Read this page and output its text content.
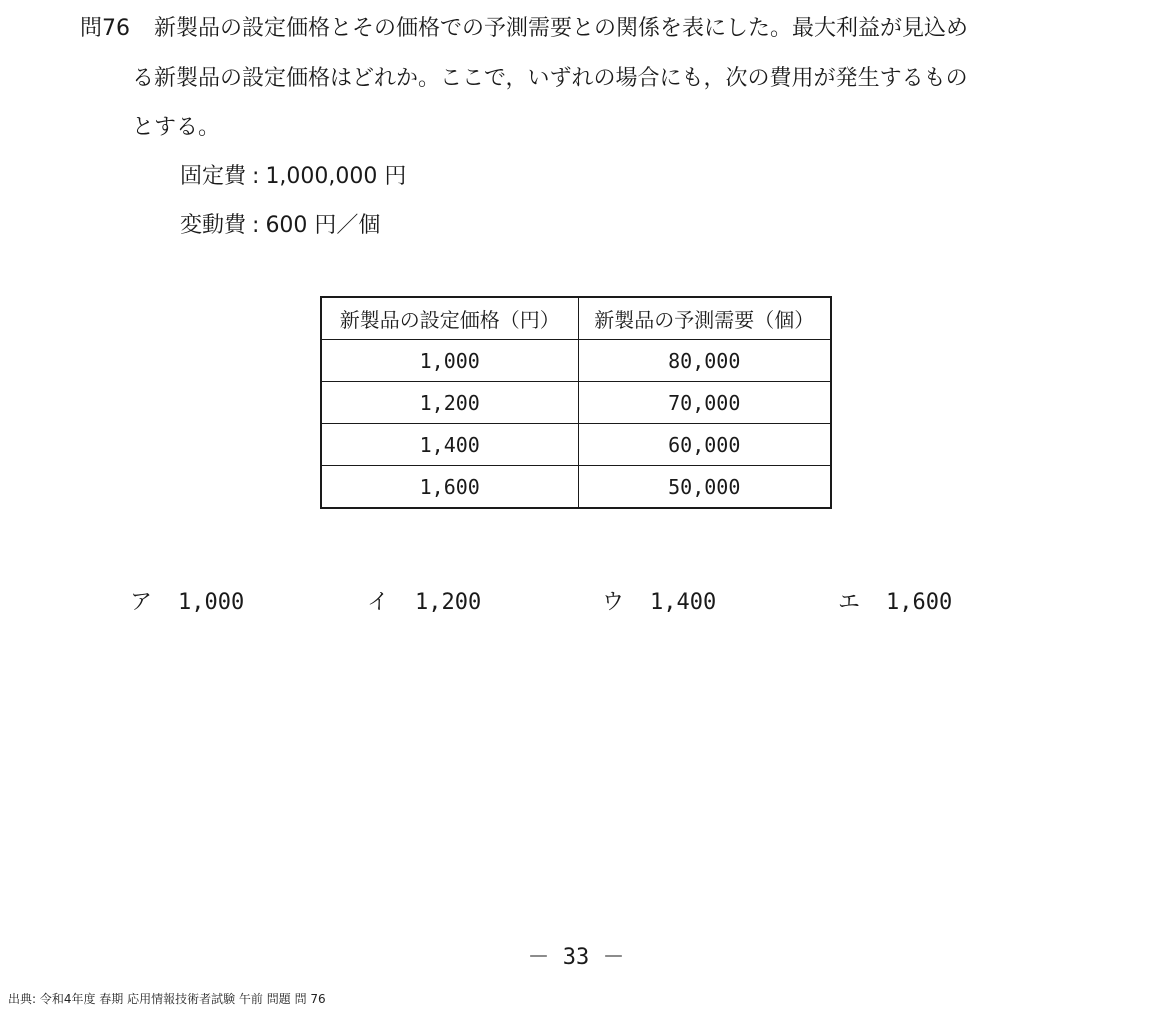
問76 新製品の設定価格とその価格での予測需要との関係を表にした。最大利益が見込め
る新製品の設定価格はどれか。ここで，いずれの場合にも，次の費用が発生するもの
とする。
固定費 : 1,000,000 円
変動費 : 600 円／個
新製品の設定価格（円）	新製品の予測需要（個）
1,000	80,000
1,200	70,000
1,400	60,000
1,600	50,000
ア 1,000	イ 1,200	ウ 1,400	エ 1,600
－ 33 －
出典: 令和4年度 春期 応用情報技術者試験 午前 問題 問 76
